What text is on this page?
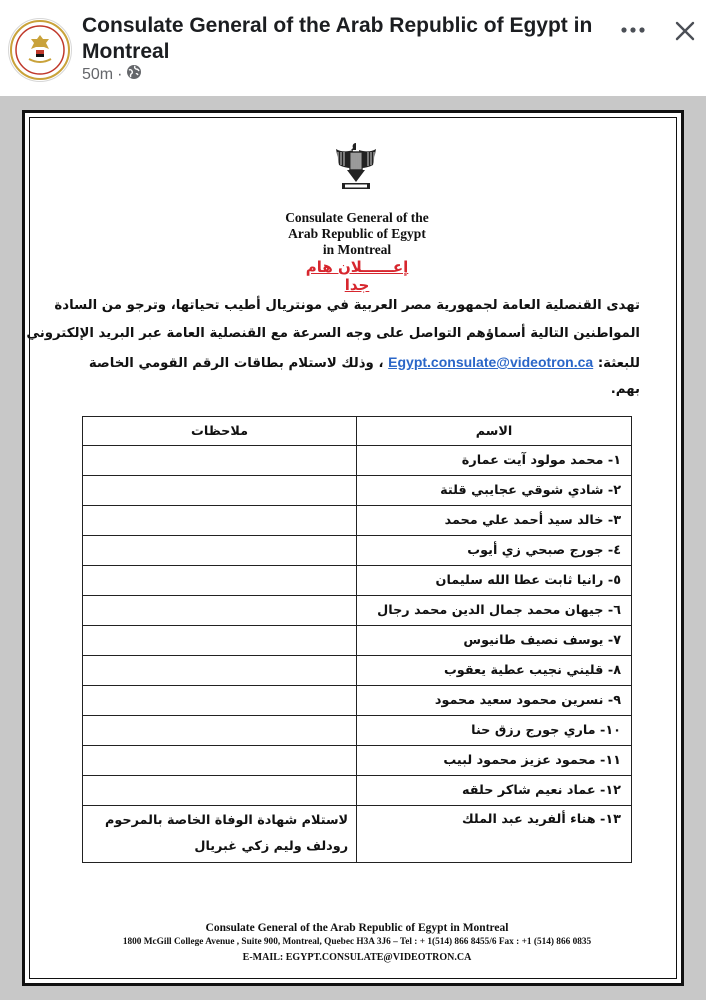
Consulate General of the Arab Republic of Egypt in Montreal
50m ·
Consulate General of the
Arab Republic of Egypt
in Montreal
إعــــــلان هام جدا
تهدى القنصلية العامة لجمهورية مصر العربية في مونتريال أطيب تحياتها، وترجو من السادة
المواطنين التالية أسماؤهم التواصل على وجه السرعة مع القنصلية العامة عبر البريد الإلكتروني
للبعثة: Egypt.consulate@videotron.ca ، وذلك لاستلام بطاقات الرقم القومي الخاصة
بهم.
الاسم	ملاحظات
١- محمد مولود آيت عمارة	
٢- شادي شوقي عجايبي قلتة	
٣- خالد سيد أحمد علي محمد	
٤- جورج صبحي زي أيوب	
٥- رانيا ثابت عطا الله سليمان	
٦- جيهان محمد جمال الدين محمد رجال	
٧- يوسف نصيف طانيوس	
٨- قليني نجيب عطية يعقوب	
٩- نسرين محمود سعيد محمود	
١٠- ماري جورج رزق حنا	
١١- محمود عزيز محمود لبيب	
١٢- عماد نعيم شاكر حلقه	
١٣- هناء ألفريد عبد الملك	لاستلام شهادة الوفاة الخاصة بالمرحوم رودلف وليم زكي غبريال
Consulate General of the Arab Republic of Egypt in Montreal
1800 McGill College Avenue , Suite 900, Montreal, Quebec H3A 3J6 – Tel : + 1(514) 866 8455/6 Fax : +1 (514) 866 0835
E-MAIL: EGYPT.CONSULATE@VIDEOTRON.CA
